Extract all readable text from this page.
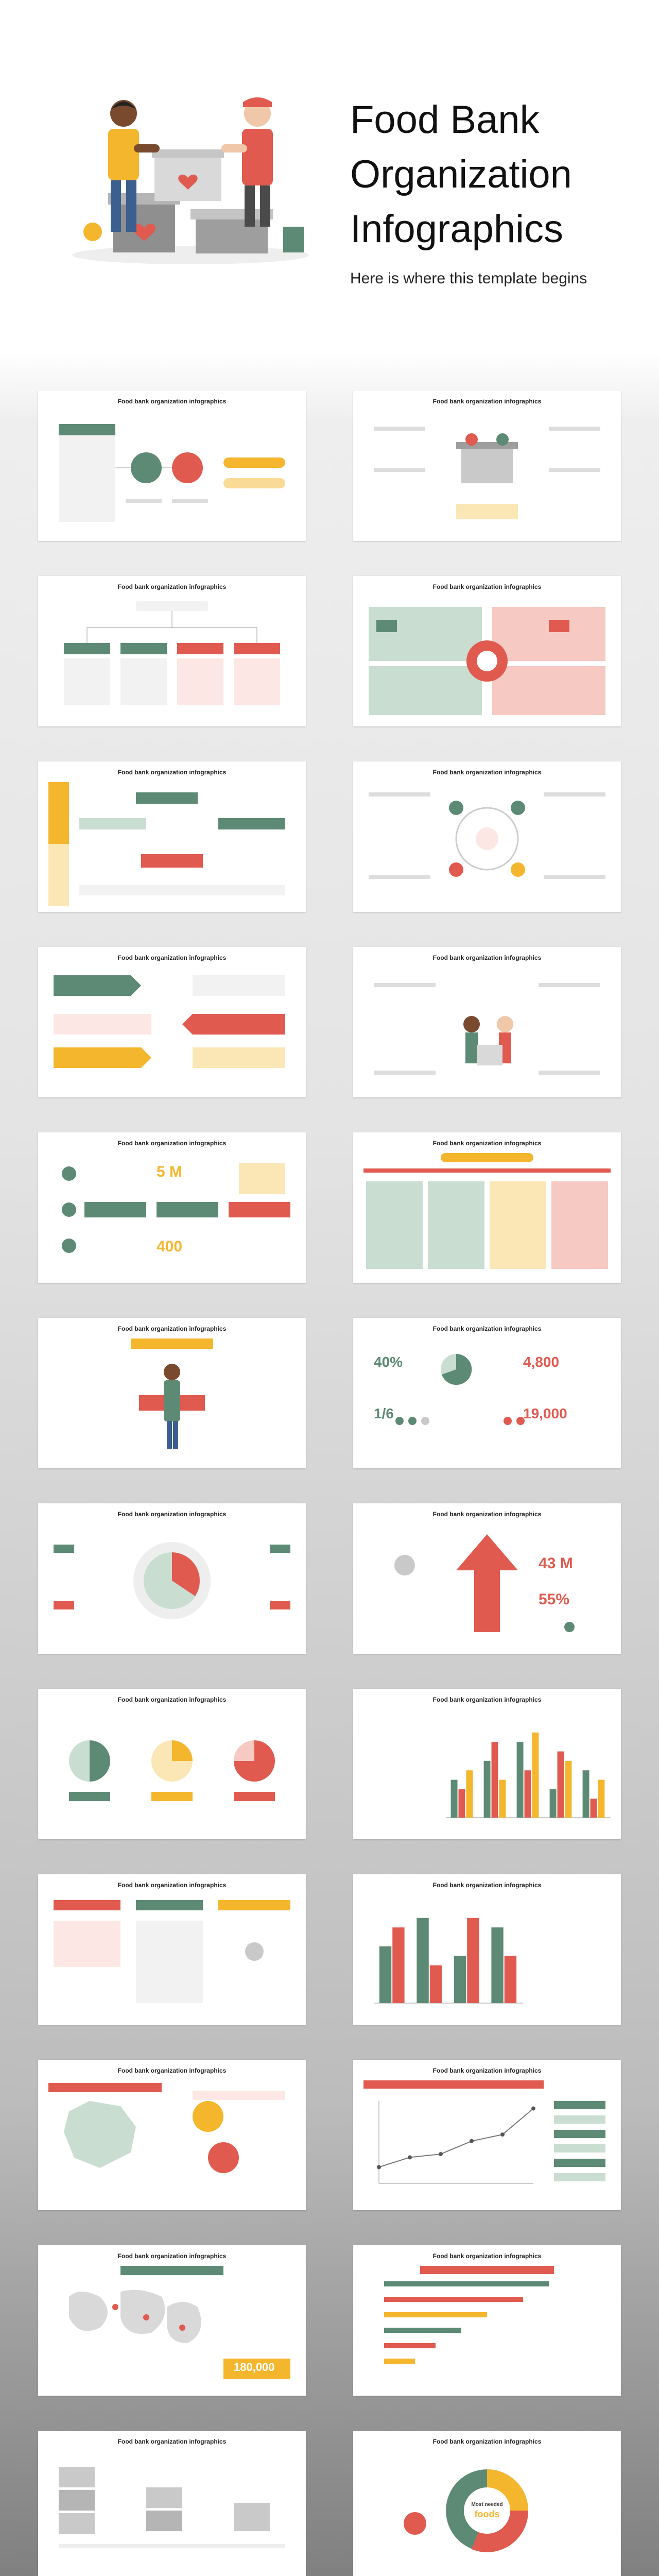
Food Bank
Organization
Infographics
Here is where this template begins
Food bank organization infographics	Food bank organization infographics
Food bank organization infographics	Food bank organization infographics
Food bank organization infographics	Food bank organization infographics
Food bank organization infographics	Food bank organization infographics
Food bank organization infographics
5 M
400
Food bank organization infographics
Food bank organization infographics	Food bank organization infographics
40%
1/6
4,800
19,000
Food bank organization infographics	Food bank organization infographics
43 M
55%
Food bank organization infographics	Food bank organization infographics
Food bank organization infographics	Food bank organization infographics
Food bank organization infographics	Food bank organization infographics
Food bank organization infographics
180,000
Food bank organization infographics
Food bank organization infographics	Food bank organization infographics
Most needed
foods
